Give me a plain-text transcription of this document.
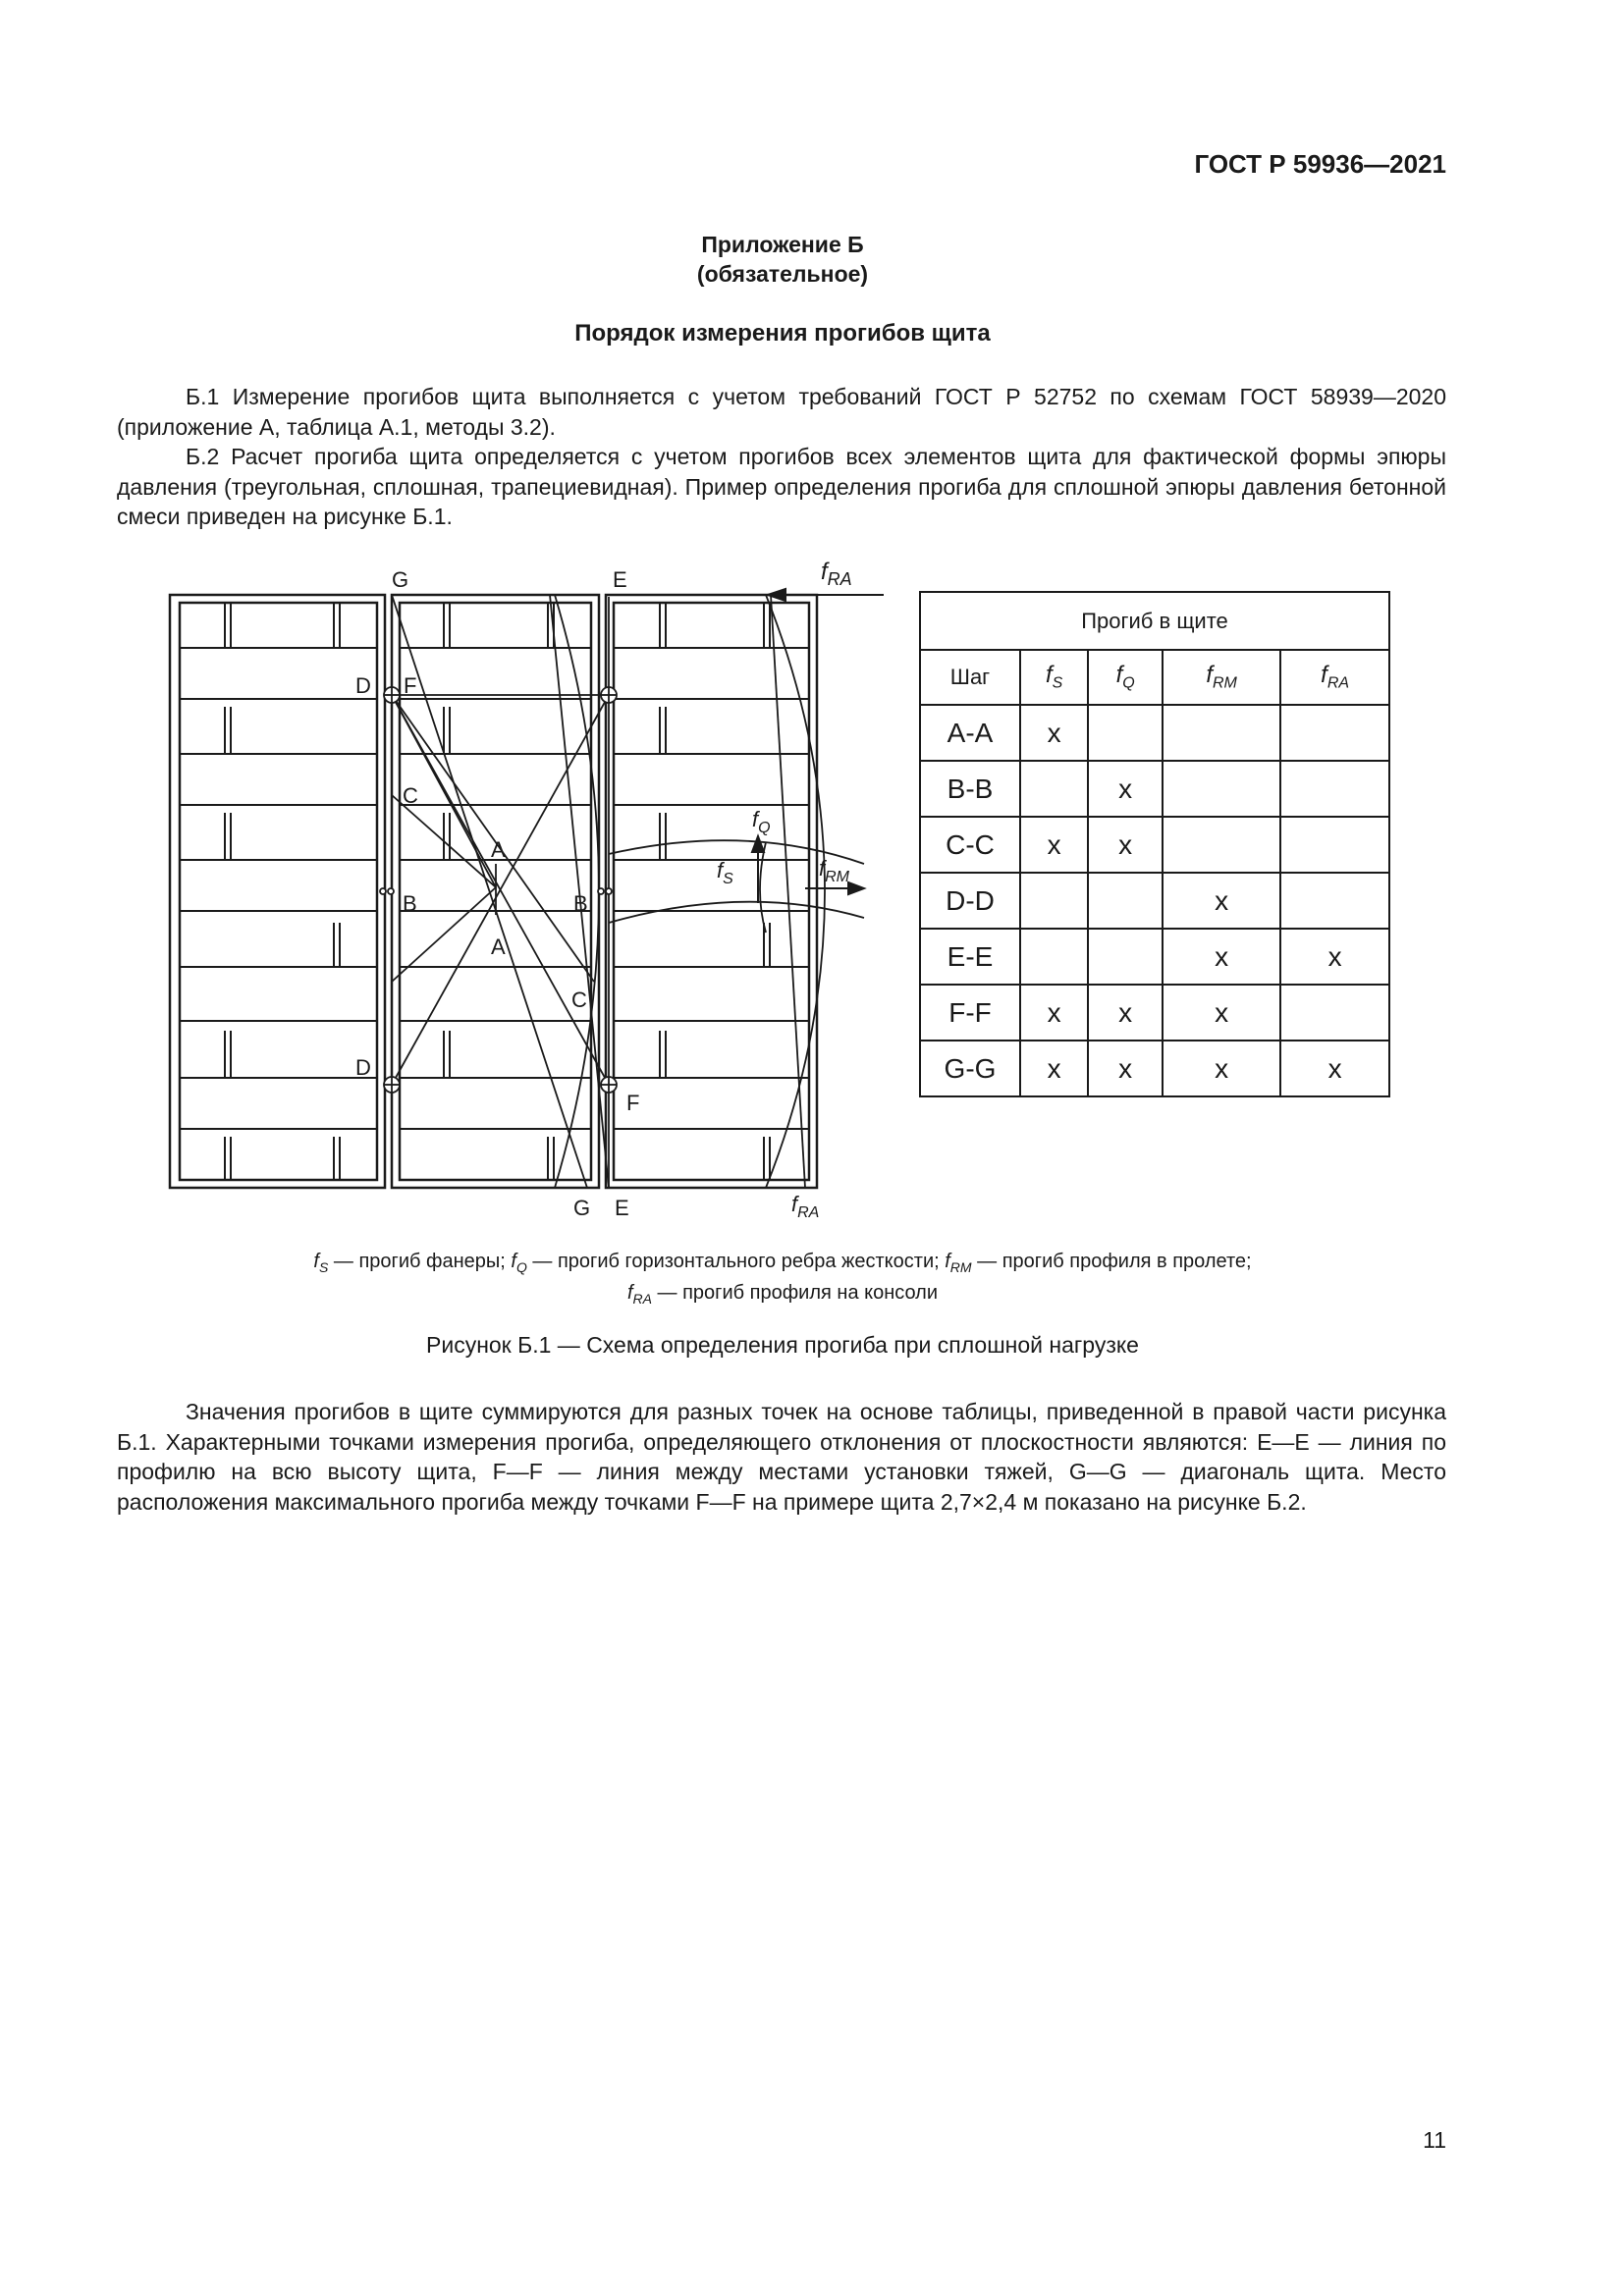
ГОСТ Р 59936—2021
Приложение Б
(обязательное)
Порядок измерения прогибов щита

Б.1 Измерение прогибов щита выполняется с учетом требований ГОСТ Р 52752 по схемам ГОСТ 58939—2020 (приложение А, таблица А.1, методы 3.2).

Б.2 Расчет прогиба щита определяется с учетом прогибов всех элементов щита для фактической формы эпюры давления (треугольная, сплошная, трапециевидная). Пример определения прогиба для сплошной эпюры давления бетонной смеси приведен на рисунке Б.1.

G	E
D F
C
A
B	B
A
C
D
F
G E
$f_{RA}$
$f_Q$
$f_S$	$f_{RM}$
$f_{RA}$
Прогиб в щите				
Шаг	$f_S$	$f_Q$	$f_{RM}$	$f_{RA}$
A-A	x			
B-B		x		
C-C	x	x		
D-D			x	
E-E			x	x
F-F	x	x	x	
G-G	x	x	x	x
$f_S$ — прогиб фанеры; $f_Q$ — прогиб горизонтального ребра жесткости; $f_{RM}$ — прогиб профиля в пролете;
$f_{RA}$ — прогиб профиля на консоли
Рисунок Б.1 — Схема определения прогиба при сплошной нагрузке

Значения прогибов в щите суммируются для разных точек на основе таблицы, приведенной в правой части рисунка Б.1. Характерными точками измерения прогиба, определяющего отклонения от плоскостности являются: E—E — линия по профилю на всю высоту щита, F—F — линия между местами установки тяжей, G—G — диагональ щита. Место расположения максимального прогиба между точками F—F на примере щита 2,7×2,4 м показано на рисунке Б.2.

11
